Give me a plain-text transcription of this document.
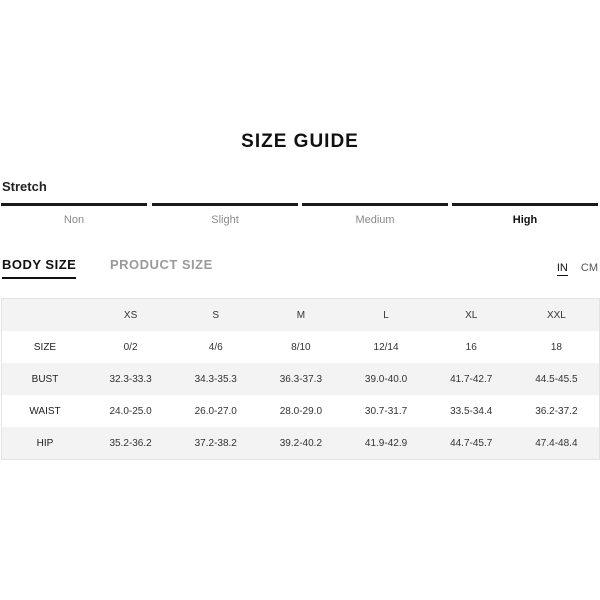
SIZE GUIDE
Stretch
Non	Slight	Medium	High
BODY SIZE	PRODUCT SIZE	IN CM
	XS	S	M	L	XL	XXL
SIZE	0/2	4/6	8/10	12/14	16	18
BUST	32.3-33.3	34.3-35.3	36.3-37.3	39.0-40.0	41.7-42.7	44.5-45.5
WAIST	24.0-25.0	26.0-27.0	28.0-29.0	30.7-31.7	33.5-34.4	36.2-37.2
HIP	35.2-36.2	37.2-38.2	39.2-40.2	41.9-42.9	44.7-45.7	47.4-48.4
